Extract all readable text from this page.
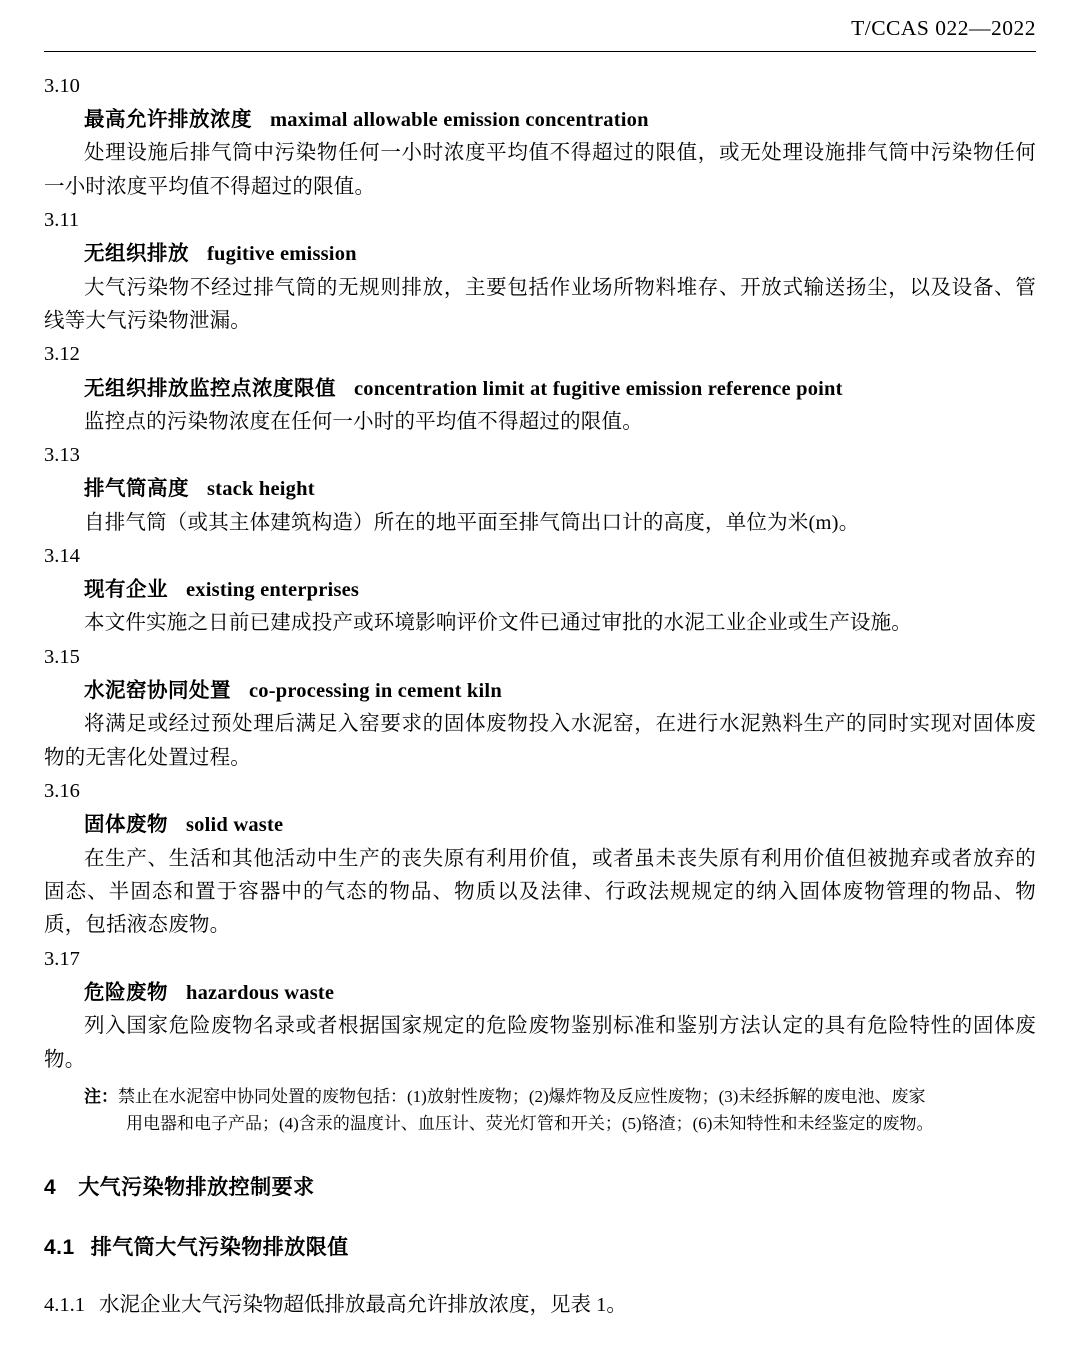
T/CCAS 022—2022

3.10

最高允许排放浓度 maximal allowable emission concentration

处理设施后排气筒中污染物任何一小时浓度平均值不得超过的限值，或无处理设施排气筒中污染物任何一小时浓度平均值不得超过的限值。

3.11

无组织排放 fugitive emission

大气污染物不经过排气筒的无规则排放，主要包括作业场所物料堆存、开放式输送扬尘，以及设备、管线等大气污染物泄漏。

3.12

无组织排放监控点浓度限值 concentration limit at fugitive emission reference point

监控点的污染物浓度在任何一小时的平均值不得超过的限值。

3.13

排气筒高度 stack height

自排气筒（或其主体建筑构造）所在的地平面至排气筒出口计的高度，单位为米(m)。

3.14

现有企业 existing enterprises

本文件实施之日前已建成投产或环境影响评价文件已通过审批的水泥工业企业或生产设施。

3.15

水泥窑协同处置 co-processing in cement kiln

将满足或经过预处理后满足入窑要求的固体废物投入水泥窑，在进行水泥熟料生产的同时实现对固体废物的无害化处置过程。

3.16

固体废物 solid waste

在生产、生活和其他活动中生产的丧失原有利用价值，或者虽未丧失原有利用价值但被抛弃或者放弃的固态、半固态和置于容器中的气态的物品、物质以及法律、行政法规规定的纳入固体废物管理的物品、物质，包括液态废物。

3.17

危险废物 hazardous waste

列入国家危险废物名录或者根据国家规定的危险废物鉴别标准和鉴别方法认定的具有危险特性的固体废物。

注：禁止在水泥窑中协同处置的废物包括：(1)放射性废物；(2)爆炸物及反应性废物；(3)未经拆解的废电池、废家

用电器和电子产品；(4)含汞的温度计、血压计、荧光灯管和开关；(5)铬渣；(6)未知特性和未经鉴定的废物。

4 大气污染物排放控制要求

4.1 排气筒大气污染物排放限值

4.1.1 水泥企业大气污染物超低排放最高允许排放浓度，见表 1。
